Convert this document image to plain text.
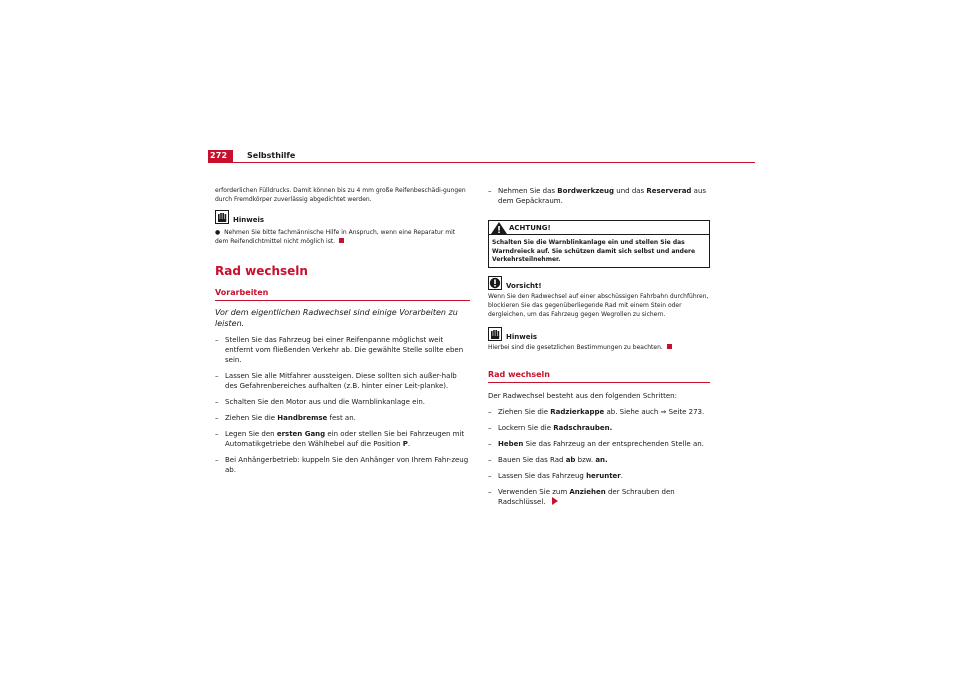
272	Selbsthilfe

erforderlichen Fülldrucks. Damit können bis zu 4 mm große Reifenbeschädi-gungen durch Fremdkörper zuverlässig abgedichtet werden.

Hinweis

●  Nehmen Sie bitte fachmännische Hilfe in Anspruch, wenn eine Reparatur mit dem Reifendichtmittel nicht möglich ist.

Rad wechseln
Vorarbeiten

Vor dem eigentlichen Radwechsel sind einige Vorarbeiten zu leisten.

– Stellen Sie das Fahrzeug bei einer Reifenpanne möglichst weit entfernt vom fließenden Verkehr ab. Die gewählte Stelle sollte eben sein.
– Lassen Sie alle Mitfahrer aussteigen. Diese sollten sich außer-halb des Gefahrenbereiches aufhalten (z.B. hinter einer Leit-planke).
– Schalten Sie den Motor aus und die Warnblinkanlage ein.
– Ziehen Sie die Handbremse fest an.
– Legen Sie den ersten Gang ein oder stellen Sie bei Fahrzeugen mit Automatikgetriebe den Wählhebel auf die Position P.
– Bei Anhängerbetrieb: kuppeln Sie den Anhänger von Ihrem Fahr-zeug ab.
– Nehmen Sie das Bordwerkzeug und das Reserverad aus dem Gepäckraum.
ACHTUNG!

Schalten Sie die Warnblinkanlage ein und stellen Sie das Warndreieck auf. Sie schützen damit sich selbst und andere Verkehrsteilnehmer.

Vorsicht!

Wenn Sie den Radwechsel auf einer abschüssigen Fahrbahn durchführen, blockieren Sie das gegenüberliegende Rad mit einem Stein oder dergleichen, um das Fahrzeug gegen Wegrollen zu sichern.

Hinweis

Hierbei sind die gesetzlichen Bestimmungen zu beachten.

Rad wechseln

Der Radwechsel besteht aus den folgenden Schritten:

– Ziehen Sie die Radzierkappe ab. Siehe auch ⇒ Seite 273.
– Lockern Sie die Radschrauben.
– Heben Sie das Fahrzeug an der entsprechenden Stelle an.
– Bauen Sie das Rad ab bzw. an.
– Lassen Sie das Fahrzeug herunter.
– Verwenden Sie zum Anziehen der Schrauben den Radschlüssel.
